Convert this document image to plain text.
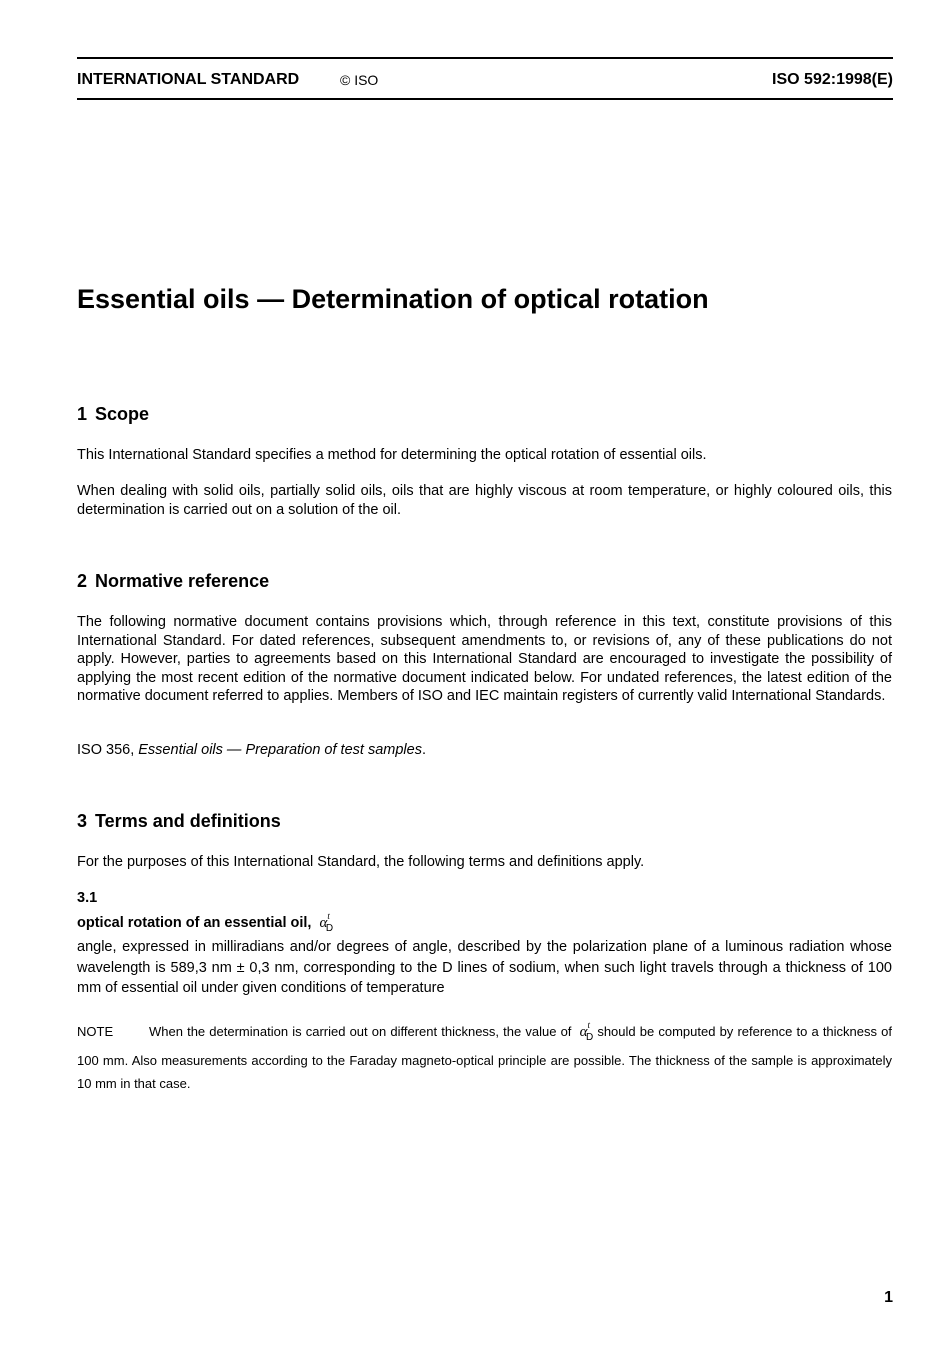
INTERNATIONAL STANDARD	© ISO	ISO 592:1998(E)
Essential oils — Determination of optical rotation
1 Scope

This International Standard specifies a method for determining the optical rotation of essential oils.

When dealing with solid oils, partially solid oils, oils that are highly viscous at room temperature, or highly coloured oils, this determination is carried out on a solution of the oil.

2 Normative reference

The following normative document contains provisions which, through reference in this text, constitute provisions of this International Standard. For dated references, subsequent amendments to, or revisions of, any of these publications do not apply. However, parties to agreements based on this International Standard are encouraged to investigate the possibility of applying the most recent edition of the normative document indicated below. For undated references, the latest edition of the normative document referred to applies. Members of ISO and IEC maintain registers of currently valid International Standards.

ISO 356, Essential oils — Preparation of test samples.

3 Terms and definitions

For the purposes of this International Standard, the following terms and definitions apply.

3.1
optical rotation of an essential oil, $\alpha^t_D$

angle, expressed in milliradians and/or degrees of angle, described by the polarization plane of a luminous radiation whose wavelength is 589,3 nm ± 0,3 nm, corresponding to the D lines of sodium, when such light travels through a thickness of 100 mm of essential oil under given conditions of temperature

NOTE	When the determination is carried out on different thickness, the value of $\alpha^t_D$ should be computed by reference to a thickness of 100 mm. Also measurements according to the Faraday magneto-optical principle are possible. The thickness of the sample is approximately 10 mm in that case.

1
